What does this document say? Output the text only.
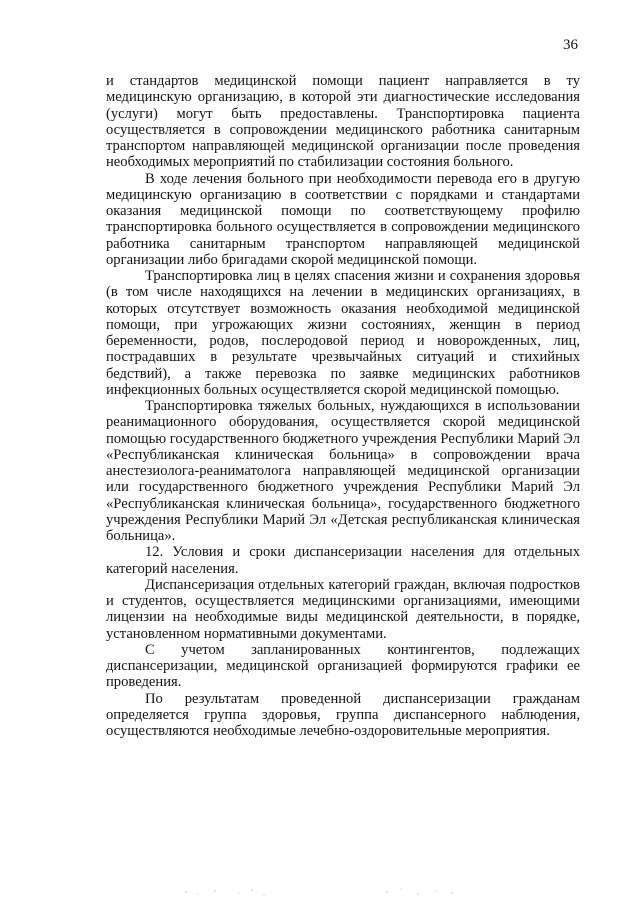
36

и стандартов медицинской помощи пациент направляется в ту медицинскую организацию, в которой эти диагностические исследования (услуги) могут быть предоставлены. Транспортировка пациента осуществляется в сопровождении медицинского работника санитарным транспортом направляющей медицинской организации после проведения необходимых мероприятий по стабилизации состояния больного.

В ходе лечения больного при необходимости перевода его в другую медицинскую организацию в соответствии с порядками и стандартами оказания медицинской помощи по соответствующему профилю транспортировка больного осуществляется в сопровождении медицинского работника санитарным транспортом направляющей медицинской организации либо бригадами скорой медицинской помощи.

Транспортировка лиц в целях спасения жизни и сохранения здоровья (в том числе находящихся на лечении в медицинских организациях, в которых отсутствует возможность оказания необходимой медицинской помощи, при угрожающих жизни состояниях, женщин в период беременности, родов, послеродовой период и новорожденных, лиц, пострадавших в результате чрезвычайных ситуаций и стихийных бедствий), а также перевозка по заявке медицинских работников инфекционных больных осуществляется скорой медицинской помощью.

Транспортировка тяжелых больных, нуждающихся в использовании реанимационного оборудования, осуществляется скорой медицинской помощью государственного бюджетного учреждения Республики Марий Эл «Республиканская клиническая больница» в сопровождении врача анестезиолога-реаниматолога направляющей медицинской организации или государственного бюджетного учреждения Республики Марий Эл «Республиканская клиническая больница», государственного бюджетного учреждения Республики Марий Эл «Детская республиканская клиническая больница».

12. Условия и сроки диспансеризации населения для отдельных категорий населения.

Диспансеризация отдельных категорий граждан, включая подростков и студентов, осуществляется медицинскими организациями, имеющими лицензии на необходимые виды медицинской деятельности, в порядке, установленном нормативными документами.

С учетом запланированных контингентов, подлежащих диспансеризации, медицинской организацией формируются графики ее проведения.

По результатам проведенной диспансеризации гражданам определяется группа здоровья, группа диспансерного наблюдения, осуществляются необходимые лечебно-оздоровительные мероприятия.
